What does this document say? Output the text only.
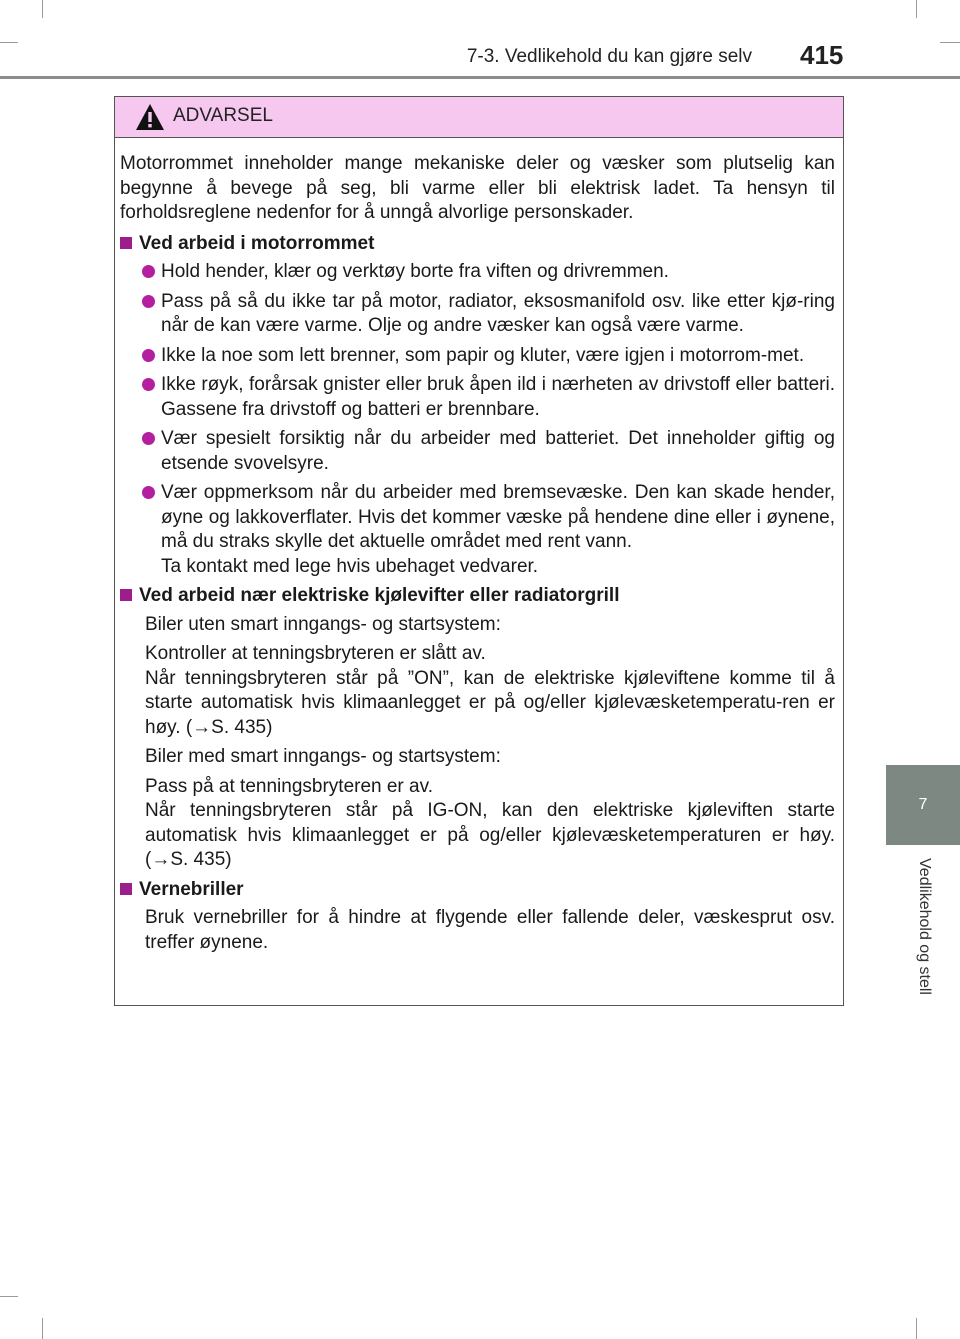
7-3. Vedlikehold du kan gjøre selv 415
7
Vedlikehold og stell
ADVARSEL

Motorrommet inneholder mange mekaniske deler og væsker som plutselig kan begynne å bevege på seg, bli varme eller bli elektrisk ladet. Ta hensyn til forholdsreglene nedenfor for å unngå alvorlige personskader.

Ved arbeid i motorrommet

Hold hender, klær og verktøy borte fra viften og drivremmen.

Pass på så du ikke tar på motor, radiator, eksosmanifold osv. like etter kjø-ring når de kan være varme. Olje og andre væsker kan også være varme.

Ikke la noe som lett brenner, som papir og kluter, være igjen i motorrom-met.

Ikke røyk, forårsak gnister eller bruk åpen ild i nærheten av drivstoff eller batteri. Gassene fra drivstoff og batteri er brennbare.

Vær spesielt forsiktig når du arbeider med batteriet. Det inneholder giftig og etsende svovelsyre.

Vær oppmerksom når du arbeider med bremsevæske. Den kan skade hender, øyne og lakkoverflater. Hvis det kommer væske på hendene dine eller i øynene, må du straks skylle det aktuelle området med rent vann.
Ta kontakt med lege hvis ubehaget vedvarer.

Ved arbeid nær elektriske kjølevifter eller radiatorgrill

Biler uten smart inngangs- og startsystem:

Kontroller at tenningsbryteren er slått av.
Når tenningsbryteren står på ”ON”, kan de elektriske kjøleviftene komme til å starte automatisk hvis klimaanlegget er på og/eller kjølevæsketemperatu-ren er høy. (→S. 435)

Biler med smart inngangs- og startsystem:

Pass på at tenningsbryteren er av.
Når tenningsbryteren står på IG-ON, kan den elektriske kjøleviften starte automatisk hvis klimaanlegget er på og/eller kjølevæsketemperaturen er høy. (→S. 435)

Vernebriller

Bruk vernebriller for å hindre at flygende eller fallende deler, væskesprut osv. treffer øynene.
